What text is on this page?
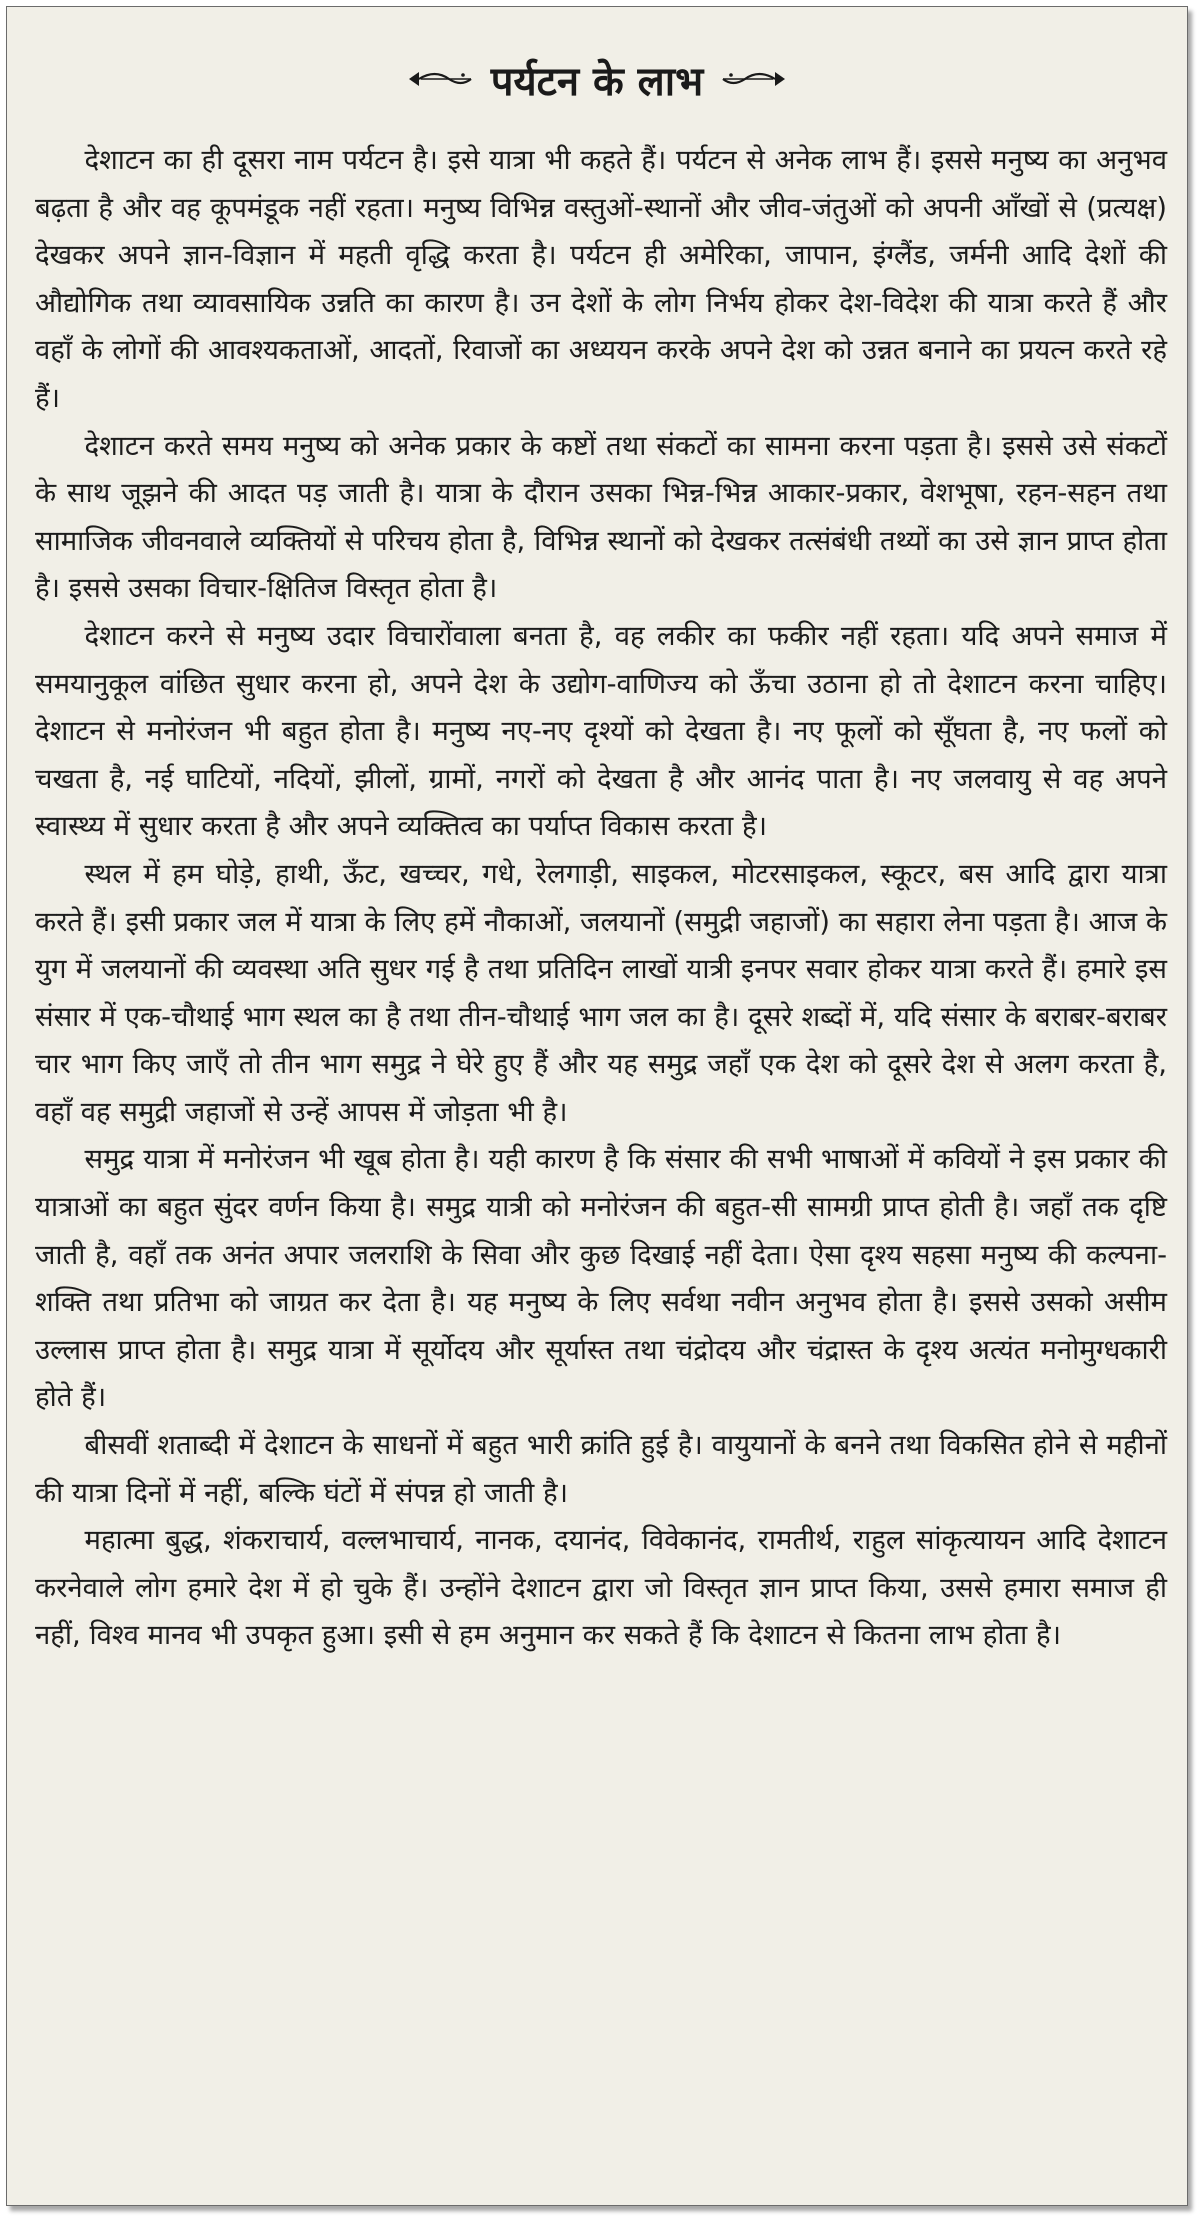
पर्यटन के लाभ

देशाटन का ही दूसरा नाम पर्यटन है। इसे यात्रा भी कहते हैं। पर्यटन से अनेक लाभ हैं। इससे मनुष्य का अनुभव बढ़ता है और वह कूपमंडूक नहीं रहता। मनुष्य विभिन्न वस्तुओं-स्थानों और जीव-जंतुओं को अपनी आँखों से (प्रत्यक्ष) देखकर अपने ज्ञान-विज्ञान में महती वृद्धि करता है। पर्यटन ही अमेरिका, जापान, इंग्लैंड, जर्मनी आदि देशों की औद्योगिक तथा व्यावसायिक उन्नति का कारण है। उन देशों के लोग निर्भय होकर देश-विदेश की यात्रा करते हैं और वहाँ के लोगों की आवश्यकताओं, आदतों, रिवाजों का अध्ययन करके अपने देश को उन्नत बनाने का प्रयत्न करते रहे हैं।

देशाटन करते समय मनुष्य को अनेक प्रकार के कष्टों तथा संकटों का सामना करना पड़ता है। इससे उसे संकटों के साथ जूझने की आदत पड़ जाती है। यात्रा के दौरान उसका भिन्न-भिन्न आकार-प्रकार, वेशभूषा, रहन-सहन तथा सामाजिक जीवनवाले व्यक्तियों से परिचय होता है, विभिन्न स्थानों को देखकर तत्संबंधी तथ्यों का उसे ज्ञान प्राप्त होता है। इससे उसका विचार-क्षितिज विस्तृत होता है।

देशाटन करने से मनुष्य उदार विचारोंवाला बनता है, वह लकीर का फकीर नहीं रहता। यदि अपने समाज में समयानुकूल वांछित सुधार करना हो, अपने देश के उद्योग-वाणिज्य को ऊँचा उठाना हो तो देशाटन करना चाहिए। देशाटन से मनोरंजन भी बहुत होता है। मनुष्य नए-नए दृश्यों को देखता है। नए फूलों को सूँघता है, नए फलों को चखता है, नई घाटियों, नदियों, झीलों, ग्रामों, नगरों को देखता है और आनंद पाता है। नए जलवायु से वह अपने स्वास्थ्य में सुधार करता है और अपने व्यक्तित्व का पर्याप्त विकास करता है।

स्थल में हम घोड़े, हाथी, ऊँट, खच्चर, गधे, रेलगाड़ी, साइकल, मोटरसाइकल, स्कूटर, बस आदि द्वारा यात्रा करते हैं। इसी प्रकार जल में यात्रा के लिए हमें नौकाओं, जलयानों (समुद्री जहाजों) का सहारा लेना पड़ता है। आज के युग में जलयानों की व्यवस्था अति सुधर गई है तथा प्रतिदिन लाखों यात्री इनपर सवार होकर यात्रा करते हैं। हमारे इस संसार में एक-चौथाई भाग स्थल का है तथा तीन-चौथाई भाग जल का है। दूसरे शब्दों में, यदि संसार के बराबर-बराबर चार भाग किए जाएँ तो तीन भाग समुद्र ने घेरे हुए हैं और यह समुद्र जहाँ एक देश को दूसरे देश से अलग करता है, वहाँ वह समुद्री जहाजों से उन्हें आपस में जोड़ता भी है।

समुद्र यात्रा में मनोरंजन भी खूब होता है। यही कारण है कि संसार की सभी भाषाओं में कवियों ने इस प्रकार की यात्राओं का बहुत सुंदर वर्णन किया है। समुद्र यात्री को मनोरंजन की बहुत-सी सामग्री प्राप्त होती है। जहाँ तक दृष्टि जाती है, वहाँ तक अनंत अपार जलराशि के सिवा और कुछ दिखाई नहीं देता। ऐसा दृश्य सहसा मनुष्य की कल्पना-शक्ति तथा प्रतिभा को जाग्रत कर देता है। यह मनुष्य के लिए सर्वथा नवीन अनुभव होता है। इससे उसको असीम उल्लास प्राप्त होता है। समुद्र यात्रा में सूर्योदय और सूर्यास्त तथा चंद्रोदय और चंद्रास्त के दृश्य अत्यंत मनोमुग्धकारी होते हैं।

बीसवीं शताब्दी में देशाटन के साधनों में बहुत भारी क्रांति हुई है। वायुयानों के बनने तथा विकसित होने से महीनों की यात्रा दिनों में नहीं, बल्कि घंटों में संपन्न हो जाती है।

महात्मा बुद्ध, शंकराचार्य, वल्लभाचार्य, नानक, दयानंद, विवेकानंद, रामतीर्थ, राहुल सांकृत्यायन आदि देशाटन करनेवाले लोग हमारे देश में हो चुके हैं। उन्होंने देशाटन द्वारा जो विस्तृत ज्ञान प्राप्त किया, उससे हमारा समाज ही नहीं, विश्व मानव भी उपकृत हुआ। इसी से हम अनुमान कर सकते हैं कि देशाटन से कितना लाभ होता है।
